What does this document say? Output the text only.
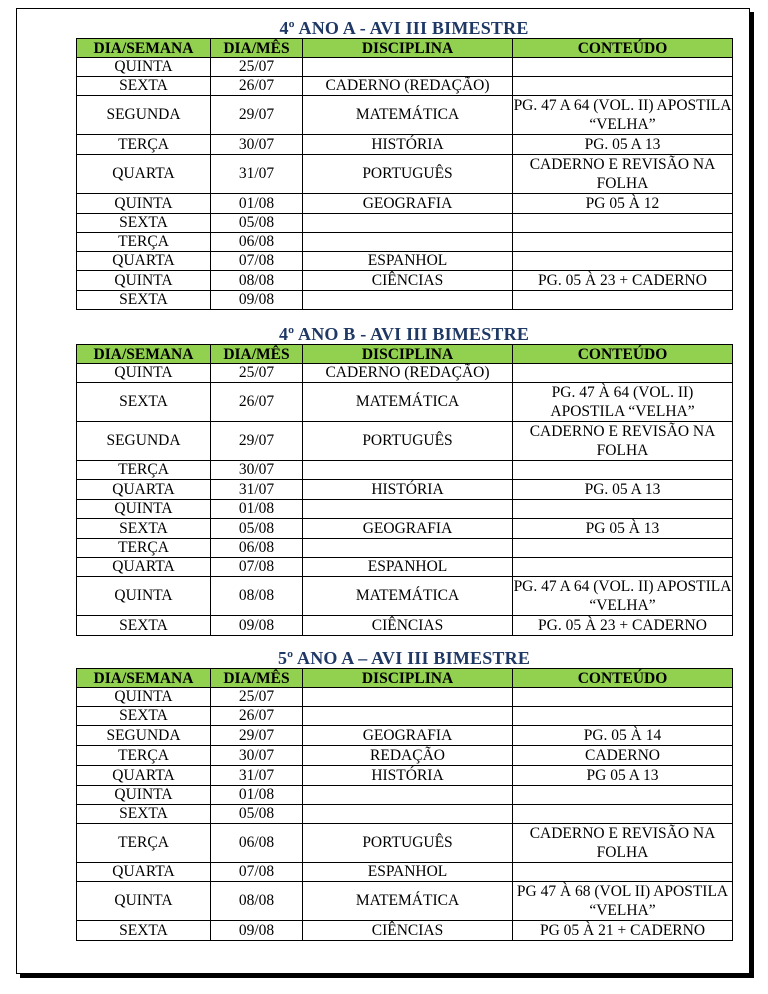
4º ANO A - AVI III BIMESTRE
DIA/SEMANA	DIA/MÊS	DISCIPLINA	CONTEÚDO
QUINTA	25/07		
SEXTA	26/07	CADERNO (REDAÇÃO)	
SEGUNDA	29/07	MATEMÁTICA	PG. 47 A 64 (VOL. II) APOSTILA “VELHA”
TERÇA	30/07	HISTÓRIA	PG. 05 A 13
QUARTA	31/07	PORTUGUÊS	CADERNO E REVISÃO NA FOLHA
QUINTA	01/08	GEOGRAFIA	PG 05 À 12
SEXTA	05/08		
TERÇA	06/08		
QUARTA	07/08	ESPANHOL	
QUINTA	08/08	CIÊNCIAS	PG. 05 À 23 + CADERNO
SEXTA	09/08		
4º ANO B - AVI III BIMESTRE
DIA/SEMANA	DIA/MÊS	DISCIPLINA	CONTEÚDO
QUINTA	25/07	CADERNO (REDAÇÃO)	
SEXTA	26/07	MATEMÁTICA	PG. 47 À 64 (VOL. II) APOSTILA “VELHA”
SEGUNDA	29/07	PORTUGUÊS	CADERNO E REVISÃO NA FOLHA
TERÇA	30/07		
QUARTA	31/07	HISTÓRIA	PG. 05 A 13
QUINTA	01/08		
SEXTA	05/08	GEOGRAFIA	PG 05 À 13
TERÇA	06/08		
QUARTA	07/08	ESPANHOL	
QUINTA	08/08	MATEMÁTICA	PG. 47 A 64 (VOL. II) APOSTILA “VELHA”
SEXTA	09/08	CIÊNCIAS	PG. 05 À 23 + CADERNO
5º ANO A – AVI III BIMESTRE
DIA/SEMANA	DIA/MÊS	DISCIPLINA	CONTEÚDO
QUINTA	25/07		
SEXTA	26/07		
SEGUNDA	29/07	GEOGRAFIA	PG. 05 À 14
TERÇA	30/07	REDAÇÃO	CADERNO
QUARTA	31/07	HISTÓRIA	PG 05 A 13
QUINTA	01/08		
SEXTA	05/08		
TERÇA	06/08	PORTUGUÊS	CADERNO E REVISÃO NA FOLHA
QUARTA	07/08	ESPANHOL	
QUINTA	08/08	MATEMÁTICA	PG 47 À 68 (VOL II) APOSTILA “VELHA”
SEXTA	09/08	CIÊNCIAS	PG 05 À 21 + CADERNO
